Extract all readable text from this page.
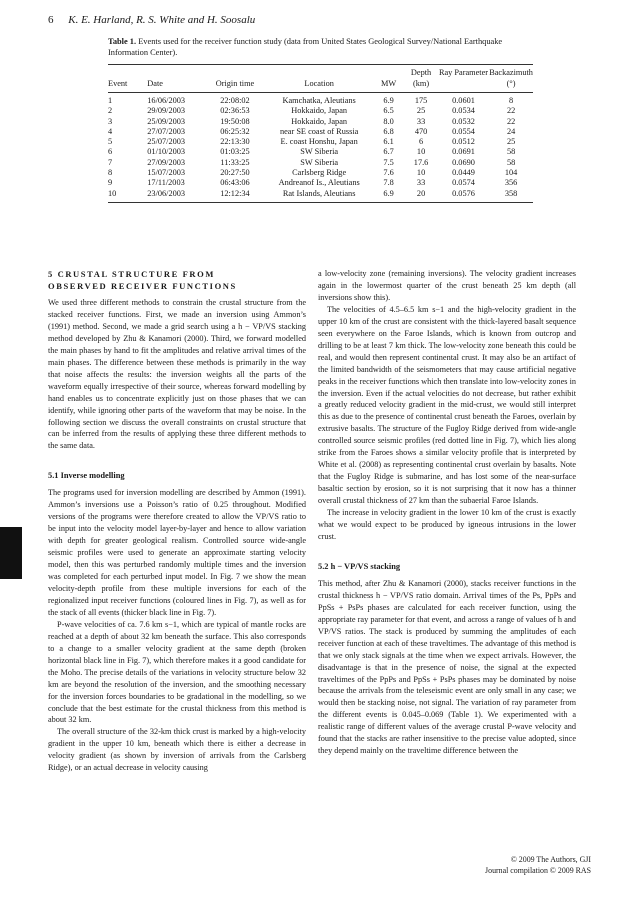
6 K. E. Harland, R. S. White and H. Soosalu

Table 1. Events used for the receiver function study (data from United States Geological Survey/National Earthquake Information Center).

					Depth	Ray Parameter	Backazimuth
Event	Date	Origin time	Location	MW	(km)		(°)
1	16/06/2003	22:08:02	Kamchatka, Aleutians	6.9	175	0.0601	8
2	29/09/2003	02:36:53	Hokkaido, Japan	6.5	25	0.0534	22
3	25/09/2003	19:50:08	Hokkaido, Japan	8.0	33	0.0532	22
4	27/07/2003	06:25:32	near SE coast of Russia	6.8	470	0.0554	24
5	25/07/2003	22:13:30	E. coast Honshu, Japan	6.1	6	0.0512	25
6	01/10/2003	01:03:25	SW Siberia	6.7	10	0.0691	58
7	27/09/2003	11:33:25	SW Siberia	7.5	17.6	0.0690	58
8	15/07/2003	20:27:50	Carlsberg Ridge	7.6	10	0.0449	104
9	17/11/2003	06:43:06	Andreanof Is., Aleutians	7.8	33	0.0574	356
10	23/06/2003	12:12:34	Rat Islands, Aleutians	6.9	20	0.0576	358
5 CRUSTAL STRUCTURE FROM
OBSERVED RECEIVER FUNCTIONS

We used three different methods to constrain the crustal structure from the stacked receiver functions. First, we made an inversion using Ammon’s (1991) method. Second, we made a grid search using a h − VP/VS stacking method developed by Zhu & Kanamori (2000). Third, we forward modelled the main phases by hand to fit the amplitudes and relative arrival times of the main phases. The difference between these methods is primarily in the way that noise affects the results: the inversion weights all the parts of the waveform equally irrespective of their source, whereas forward modelling by hand enables us to concentrate explicitly just on those phases that we can identify, while ignoring other parts of the waveform that may be noise. In the following section we discuss the overall constraints on crustal structure that can be inferred from the results of applying these three different methods to the same data.

5.1 Inverse modelling

The programs used for inversion modelling are described by Ammon (1991). Ammon’s inversions use a Poisson’s ratio of 0.25 throughout. Modified versions of the programs were therefore created to allow the VP/VS ratio to be input into the velocity model layer-by-layer and hence to allow variation with depth for greater geological realism. Controlled source wide-angle seismic profiles were used to generate an approximate starting velocity model, then this was perturbed randomly multiple times and the inversion was completed for each perturbed input model. In Fig. 7 we show the mean velocity-depth profile from these multiple inversions for each of the regionalized input receiver functions (coloured lines in Fig. 7), as well as for the stack of all events (thicker black line in Fig. 7).

P-wave velocities of ca. 7.6 km s−1, which are typical of mantle rocks are reached at a depth of about 32 km beneath the surface. This also corresponds to a change to a smaller velocity gradient at the same depth (broken horizontal black line in Fig. 7), which therefore makes it a good candidate for the Moho. The precise details of the variations in velocity structure below 32 km are beyond the resolution of the inversion, and the smoothing necessary for the inversion forces boundaries to be gradational in the modelling, so we conclude that the best estimate for the crustal thickness from this method is about 32 km.

The overall structure of the 32-km thick crust is marked by a high-velocity gradient in the upper 10 km, beneath which there is either a decrease in velocity gradient (as shown by inversion of arrivals from the Carlsberg Ridge), or an actual decrease in velocity causing

a low-velocity zone (remaining inversions). The velocity gradient increases again in the lowermost quarter of the crust beneath 25 km depth (all inversions show this).

The velocities of 4.5–6.5 km s−1 and the high-velocity gradient in the upper 10 km of the crust are consistent with the thick-layered basalt sequence seen everywhere on the Faroe Islands, which is known from outcrop and drilling to be at least 7 km thick. The low-velocity zone beneath this could be real, and would then represent continental crust. It may also be an artifact of the limited bandwidth of the seismometers that may cause artificial negative peaks in the receiver functions which then translate into low-velocity zones in the inversion. Even if the actual velocities do not decrease, but rather exhibit a greatly reduced velocity gradient in the mid-crust, we would still interpret this as due to the presence of continental crust beneath the Faroes, overlain by extrusive basalts. The structure of the Fugloy Ridge derived from wide-angle controlled source seismic profiles (red dotted line in Fig. 7), which lies along strike from the Faroes shows a similar velocity profile that is interpreted by White et al. (2008) as representing continental crust overlain by basalts. Note that the Fugloy Ridge is submarine, and has lost some of the near-surface basaltic section by erosion, so it is not surprising that it now has a thinner overall crustal thickness of 27 km than the subaerial Faroe Islands.

The increase in velocity gradient in the lower 10 km of the crust is exactly what we would expect to be produced by igneous intrusions in the lower crust.

5.2 h − VP/VS stacking

This method, after Zhu & Kanamori (2000), stacks receiver functions in the crustal thickness h − VP/VS ratio domain. Arrival times of the Ps, PpPs and PpSs + PsPs phases are calculated for each receiver function, using the appropriate ray parameter for that event, and across a range of values of h and VP/VS ratios. The stack is produced by summing the amplitudes of each receiver function at each of these traveltimes. The advantage of this method is that we only stack signals at the time when we expect arrivals. However, the disadvantage is that in the presence of noise, the signal at the expected traveltimes of the PpPs and PpSs + PsPs phases may be dominated by noise because the arrivals from the teleseismic event are only small in any case; we would then be stacking noise, not signal. The variation of ray parameter from the different events is 0.045–0.069 (Table 1). We experimented with a realistic range of different values of the average crustal P-wave velocity and found that the stacks are rather insensitive to the precise value adopted, since they depend mainly on the traveltime difference between the

© 2009 The Authors, GJI
Journal compilation © 2009 RAS
